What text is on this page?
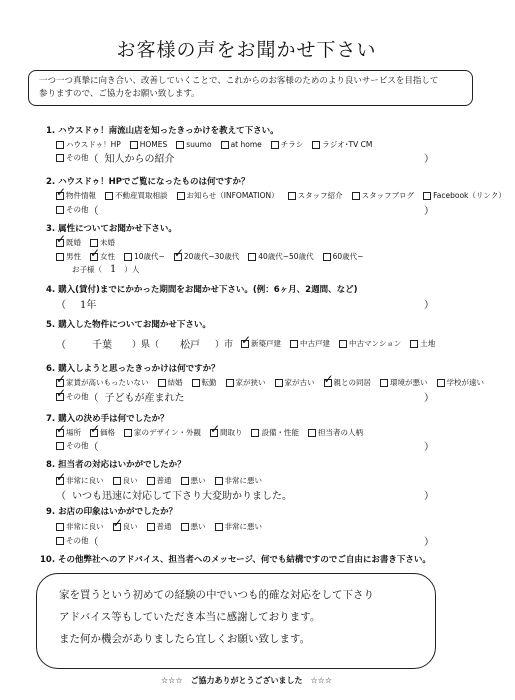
お客様の声をお聞かせ下さい
一つ一つ真摯に向き合い、改善していくことで、これからのお客様のためのより良いサービスを目指して
参りますので、ご協力をお願い致します。
1. ハウスドゥ！南流山店を知ったきっかけを教えて下さい。
ハウスドゥ！HP	HOMES	suumo	at home	チラシ	ラジオ･TV CM
その他 （ 知人からの紹介	）
2. ハウスドゥ！HPでご覧になったものは何ですか？
✓
物件情報	不動産買取相談	お知らせ（INFOMATION）	スタッフ紹介	スタッフブログ	Facebook（リンク）
その他 （	）
3. 属性についてお聞かせ下さい。
✓
既婚	未婚
男性 ✓	女性	10歳代~ ✓	20歳代~30歳代	40歳代~50歳代	60歳代~
お子様（ 1 ）人
4. 購入(賃付)までにかかった期間をお聞かせ下さい。(例：6ヶ月、2週間、など)
（ 1年	）
5. 購入した物件についてお聞かせ下さい。
（	千葉	）県（	松戸	）市 ✓ 新築戸建	中古戸建	中古マンション	土地
6. 購入しようと思ったきっかけは何ですか？
✓
家賃が高いもったいない	結婚	転勤	家が狭い	家が古い ✓	親との同居	環境が悪い	学校が遠い
✓
その他 （ 子どもが産まれた	）
7. 購入の決め手は何でしたか？
✓
場所 ✓	価格	家のデザイン・外観 ✓	間取り	設備・性能	担当者の人柄
その他 （	）
8. 担当者の対応はいかがでしたか？
✓
非常に良い	良い	普通	悪い	非常に悪い
（ いつも迅速に対応して下さり大変助かりました。	）
9. お店の印象はいかがでしたか？
非常に良い ✓	良い	普通	悪い	非常に悪い
その他 （	）
10. その他弊社へのアドバイス、担当者へのメッセージ、何でも結構ですのでご自由にお書き下さい。
家を買うという初めての経験の中でいつも的確な対応をして下さり
アドバイス等もしていただき本当に感謝しております。
また何か機会がありましたら宜しくお願い致します。
☆☆☆　ご協力ありがとうございました　☆☆☆
